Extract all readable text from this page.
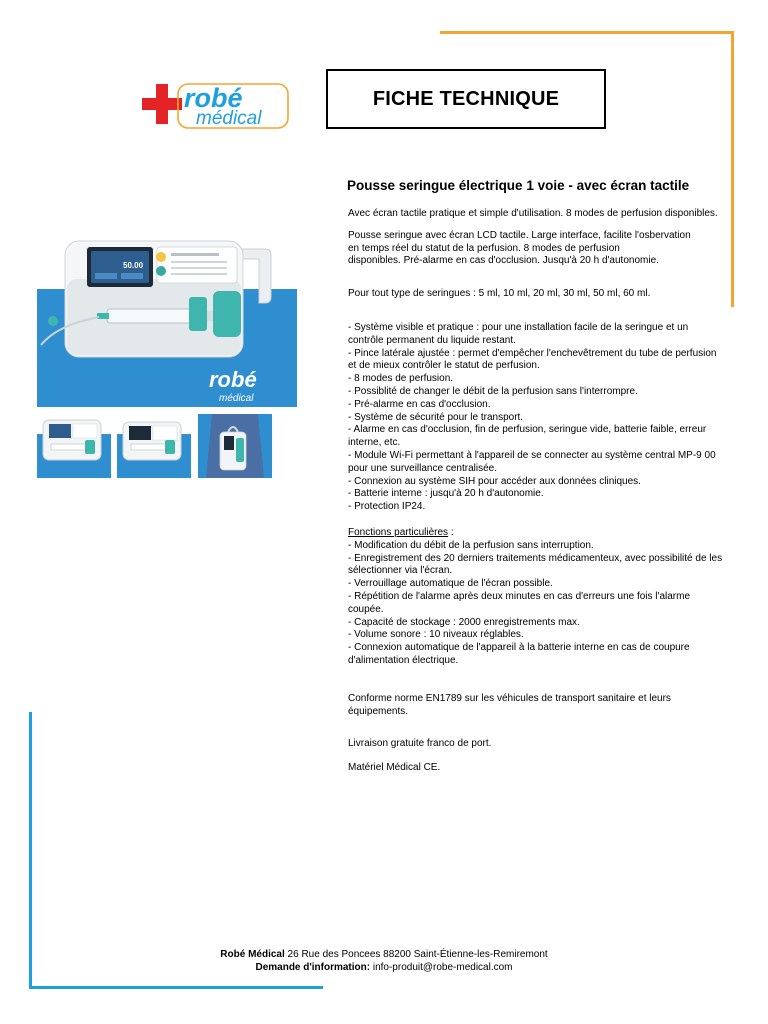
robé
médical
FICHE TECHNIQUE
Pousse seringue électrique 1 voie - avec écran tactile
50.00
robé
médical

Avec écran tactile pratique et simple d'utilisation. 8 modes de perfusion disponibles.

Pousse seringue avec écran LCD tactile. Large interface, facilite l'osbervation
en temps réel du statut de la perfusion. 8 modes de perfusion
disponibles. Pré-alarme en cas d'occlusion. Jusqu'à 20 h d'autonomie.

Pour tout type de seringues : 5 ml, 10 ml, 20 ml, 30 ml, 50 ml, 60 ml.

- Système visible et pratique : pour une installation facile de la seringue et un contrôle permanent du liquide restant.
- Pince latérale ajustée : permet d'empêcher l'enchevêtrement du tube de perfusion et de mieux contrôler le statut de perfusion.
- 8 modes de perfusion.
- Possiblité de changer le débit de la perfusion sans l'interrompre.
- Pré-alarme en cas d'occlusion.
- Système de sécurité pour le transport.
- Alarme en cas d'occlusion, fin de perfusion, seringue vide, batterie faible, erreur interne, etc.
- Module Wi-Fi permettant à l'appareil de se connecter au système central MP-9 00 pour une surveillance centralisée.
- Connexion au système SIH pour accéder aux données cliniques.
- Batterie interne : jusqu'à 20 h d'autonomie.
- Protection IP24.
Fonctions particulières :
- Modification du débit de la perfusion sans interruption.
- Enregistrement des 20 derniers traitements médicamenteux, avec possibilité de les sélectionner via l'écran.
- Verrouillage automatique de l'écran possible.
- Répétition de l'alarme après deux minutes en cas d'erreurs une fois l'alarme coupée.
- Capacité de stockage : 2000 enregistrements max.
- Volume sonore : 10 niveaux réglables.
- Connexion automatique de l'appareil à la batterie interne en cas de coupure d'alimentation électrique.

Conforme norme EN1789 sur les véhicules de transport sanitaire et leurs équipements.

Livraison gratuite franco de port.

Matériel Médical CE.

Robé Médical 26 Rue des Poncees 88200 Saint-Étienne-les-Remiremont
Demande d'information: info-produit@robe-medical.com
